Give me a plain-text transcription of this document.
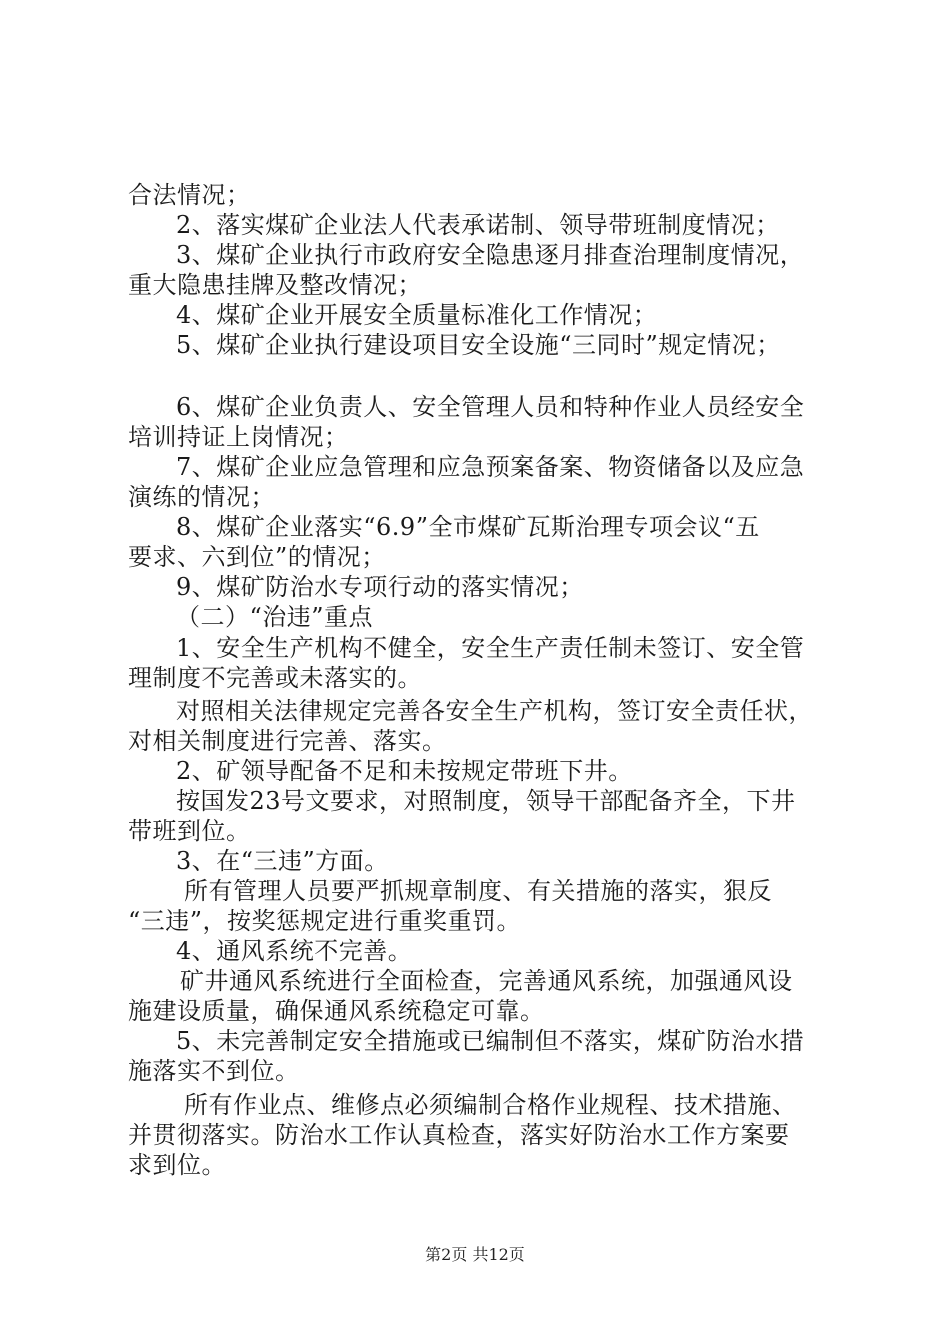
合法情况；
2、落实煤矿企业法人代表承诺制、领导带班制度情况；
3、煤矿企业执行市政府安全隐患逐月排查治理制度情况，
重大隐患挂牌及整改情况；
4、煤矿企业开展安全质量标准化工作情况；
5、煤矿企业执行建设项目安全设施“三同时”规定情况；
6、煤矿企业负责人、安全管理人员和特种作业人员经安全
培训持证上岗情况；
7、煤矿企业应急管理和应急预案备案、物资储备以及应急
演练的情况；
8、煤矿企业落实“6.9”全市煤矿瓦斯治理专项会议“五
要求、六到位”的情况；
9、煤矿防治水专项行动的落实情况；
（二）“治违”重点
1、安全生产机构不健全，安全生产责任制未签订、安全管
理制度不完善或未落实的。
对照相关法律规定完善各安全生产机构，签订安全责任状，
对相关制度进行完善、落实。
2、矿领导配备不足和未按规定带班下井。
按国发23号文要求，对照制度，领导干部配备齐全，下井
带班到位。
3、在“三违”方面。
所有管理人员要严抓规章制度、有关措施的落实，狠反
“三违”，按奖惩规定进行重奖重罚。
4、通风系统不完善。
矿井通风系统进行全面检查，完善通风系统，加强通风设
施建设质量，确保通风系统稳定可靠。
5、未完善制定安全措施或已编制但不落实，煤矿防治水措
施落实不到位。
所有作业点、维修点必须编制合格作业规程、技术措施、
并贯彻落实。防治水工作认真检查，落实好防治水工作方案要
求到位。
第2页 共12页
